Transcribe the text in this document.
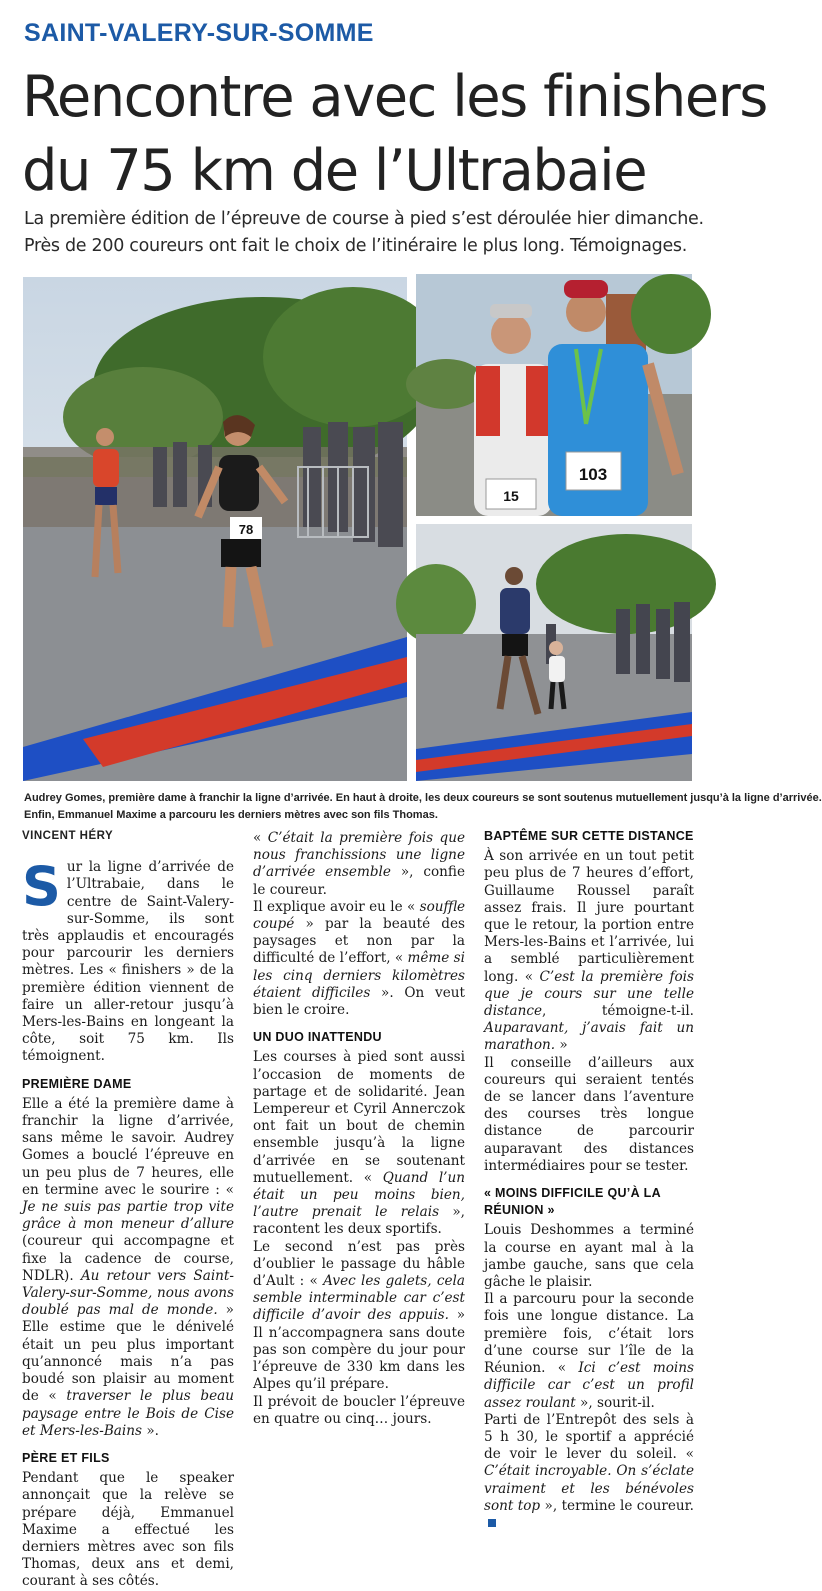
SAINT-VALERY-SUR-SOMME
Rencontre avec les finishers
du 75 km de l’Ultrabaie
La première édition de l’épreuve de course à pied s’est déroulée hier dimanche.
Près de 200 coureurs ont fait le choix de l’itinéraire le plus long. Témoignages.
78
15
103
Audrey Gomes, première dame à franchir la ligne d’arrivée. En haut à droite, les deux coureurs se sont soutenus mutuellement jusqu’à la ligne d’arrivée.
Enfin, Emmanuel Maxime a parcouru les derniers mètres avec son fils Thomas.
VINCENT HÉRY

Sur la ligne d’arrivée de l’Ultrabaie, dans le centre de Saint-Valery-sur-Somme, ils sont très applaudis et encouragés pour parcourir les derniers mètres. Les « finishers » de la première édition viennent de faire un aller-retour jusqu’à Mers-les-Bains en longeant la côte, soit 75 km. Ils témoignent.

PREMIÈRE DAME

Elle a été la première dame à franchir la ligne d’arrivée, sans même le savoir. Audrey Gomes a bouclé l’épreuve en un peu plus de 7 heures, elle en termine avec le sourire : « Je ne suis pas partie trop vite grâce à mon meneur d’allure (coureur qui accompagne et fixe la cadence de course, NDLR). Au retour vers Saint-Valery-sur-Somme, nous avons doublé pas mal de monde. » Elle estime que le dénivelé était un peu plus important qu’annoncé mais n’a pas boudé son plaisir au moment de « traverser le plus beau paysage entre le Bois de Cise et Mers-les-Bains ».

PÈRE ET FILS

Pendant que le speaker annonçait que la relève se prépare déjà, Emmanuel Maxime a effectué les derniers mètres avec son fils Thomas, deux ans et demi, courant à ses côtés.

« C’était la première fois que nous franchissions une ligne d’arrivée ensemble », confie le coureur.

Il explique avoir eu le « souffle coupé » par la beauté des paysages et non par la difficulté de l’effort, « même si les cinq derniers kilomètres étaient difficiles ». On veut bien le croire.

UN DUO INATTENDU

Les courses à pied sont aussi l’occasion de moments de partage et de solidarité. Jean Lempereur et Cyril Annerczok ont fait un bout de chemin ensemble jusqu’à la ligne d’arrivée en se soutenant mutuellement. « Quand l’un était un peu moins bien, l’autre prenait le relais », racontent les deux sportifs.

Le second n’est pas près d’oublier le passage du hâble d’Ault : « Avec les galets, cela semble interminable car c’est difficile d’avoir des appuis. » Il n’accompagnera sans doute pas son compère du jour pour l’épreuve de 330 km dans les Alpes qu’il prépare.

Il prévoit de boucler l’épreuve en quatre ou cinq… jours.

BAPTÊME SUR CETTE DISTANCE

À son arrivée en un tout petit peu plus de 7 heures d’effort, Guillaume Roussel paraît assez frais. Il jure pourtant que le retour, la portion entre Mers-les-Bains et l’arrivée, lui a semblé particulièrement long. « C’est la première fois que je cours sur une telle distance, témoigne-t-il. Auparavant, j’avais fait un marathon. »

Il conseille d’ailleurs aux coureurs qui seraient tentés de se lancer dans l’aventure des courses très longue distance de parcourir auparavant des distances intermédiaires pour se tester.

« MOINS DIFFICILE QU’À LA RÉUNION »

Louis Deshommes a terminé la course en ayant mal à la jambe gauche, sans que cela gâche le plaisir.

Il a parcouru pour la seconde fois une longue distance. La première fois, c’était lors d’une course sur l’île de la Réunion. « Ici c’est moins difficile car c’est un profil assez roulant », sourit-il.

Parti de l’Entrepôt des sels à 5 h 30, le sportif a apprécié de voir le lever du soleil. « C’était incroyable. On s’éclate vraiment et les bénévoles sont top », termine le coureur.
